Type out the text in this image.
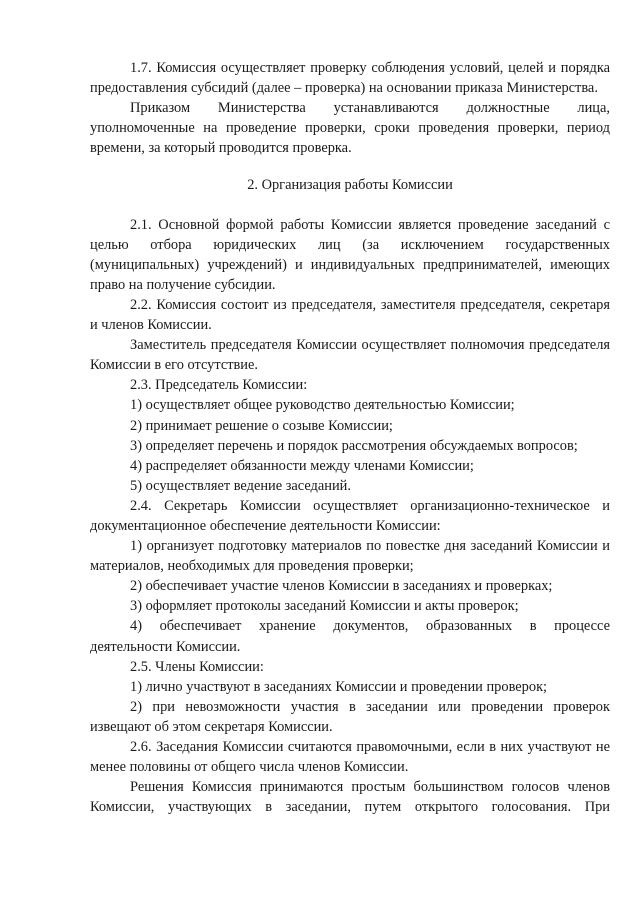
1.7. Комиссия осуществляет проверку соблюдения условий, целей и порядка предоставления субсидий (далее – проверка) на основании приказа Министерства.

Приказом Министерства устанавливаются должностные лица, уполномоченные на проведение проверки, сроки проведения проверки, период времени, за который проводится проверка.

2. Организация работы Комиссии

2.1. Основной формой работы Комиссии является проведение заседаний с целью отбора юридических лиц (за исключением государственных (муниципальных) учреждений) и индивидуальных предпринимателей, имеющих право на получение субсидии.

2.2. Комиссия состоит из председателя, заместителя председателя, секретаря и членов Комиссии.

Заместитель председателя Комиссии осуществляет полномочия председателя Комиссии в его отсутствие.

2.3. Председатель Комиссии:

1) осуществляет общее руководство деятельностью Комиссии;

2) принимает решение о созыве Комиссии;

3) определяет перечень и порядок рассмотрения обсуждаемых вопросов;

4) распределяет обязанности между членами Комиссии;

5) осуществляет ведение заседаний.

2.4. Секретарь Комиссии осуществляет организационно-техническое и документационное обеспечение деятельности Комиссии:

1) организует подготовку материалов по повестке дня заседаний Комиссии и материалов, необходимых для проведения проверки;

2) обеспечивает участие членов Комиссии в заседаниях и проверках;

3) оформляет протоколы заседаний Комиссии и акты проверок;

4) обеспечивает хранение документов, образованных в процессе деятельности Комиссии.

2.5. Члены Комиссии:

1) лично участвуют в заседаниях Комиссии и проведении проверок;

2) при невозможности участия в заседании или проведении проверок извещают об этом секретаря Комиссии.

2.6. Заседания Комиссии считаются правомочными, если в них участвуют не менее половины от общего числа членов Комиссии.

Решения Комиссия принимаются простым большинством голосов членов Комиссии, участвующих в заседании, путем открытого голосования. При
